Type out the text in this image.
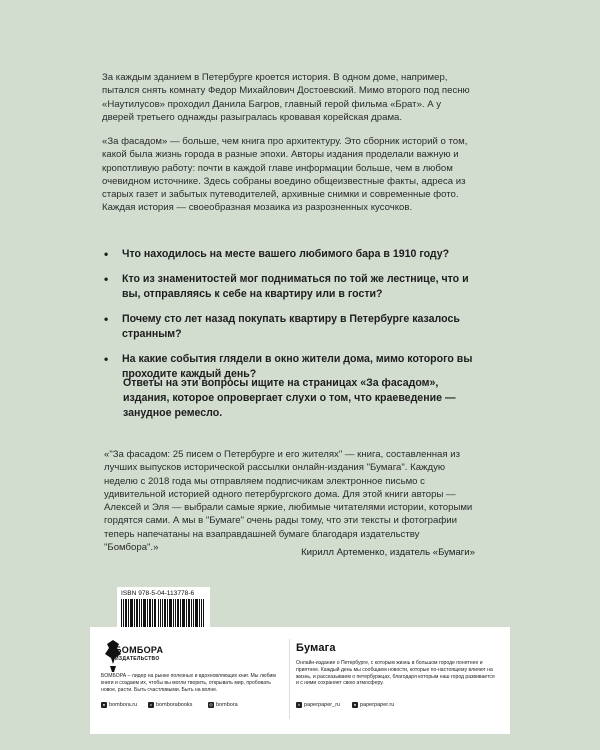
За каждым зданием в Петербурге кроется история. В одном доме, например, пытался снять комнату Федор Михайлович Достоевский. Мимо второго под песню «Наутилусов» проходил Данила Багров, главный герой фильма «Брат». А у дверей третьего однажды разыгралась кровавая корейская драма.

«За фасадом» — больше, чем книга про архитектуру. Это сборник историй о том, какой была жизнь города в разные эпохи. Авторы издания проделали важную и кропотливую работу: почти в каждой главе информации больше, чем в любом очевидном источнике. Здесь собраны воедино общеизвестные факты, адреса из старых газет и забытых путеводителей, архивные снимки и современные фото. Каждая история — своеобразная мозаика из разрозненных кусочков.

• Что находилось на месте вашего любимого бара в 1910 году?
• Кто из знаменитостей мог подниматься по той же лестнице, что и вы, отправляясь к себе на квартиру или в гости?
• Почему сто лет назад покупать квартиру в Петербурге казалось странным?
• На какие события глядели в окно жители дома, мимо которого вы проходите каждый день?

Ответы на эти вопросы ищите на страницах «За фасадом», издания, которое опровергает слухи о том, что краеведение — занудное ремесло.

«"За фасадом: 25 писем о Петербурге и его жителях" — книга, составленная из лучших выпусков исторической рассылки онлайн-издания "Бумага". Каждую неделю с 2018 года мы отправляем подписчикам электронное письмо с удивительной историей одного петербургского дома. Для этой книги авторы — Алексей и Эля — выбрали самые яркие, любимые читателями истории, которыми гордятся сами. А мы в "Бумаге" очень рады тому, что эти тексты и фотографии теперь напечатаны на взаправдашней бумаге благодаря издательству "Бомбора".»	Кирилл Артеменко, издатель «Бумаги»

ISBN 978-5-04-113778-6
БОМБОРА
ИЗДАТЕЛЬСТВО

БОМБОРА – лидер на рынке полезных и вдохновляющих книг. Мы любим книги и создаем их, чтобы вы могли творить, открывать мир, пробовать новое, расти. Быть счастливыми. Быть на волне.

● bombora.ru	v bomborabooks	◎ bombora
Бумага

Онлайн-издание о Петербурге, с которым жизнь в большом городе понятнее и приятнее. Каждый день мы сообщаем новости, которые по-настоящему влияют на жизнь, и рассказываем о петербуржцах, благодаря которым наш город развивается и с ними сохраняет свою атмосферу.

v paperpaper_ru	● paperpaper.ru
